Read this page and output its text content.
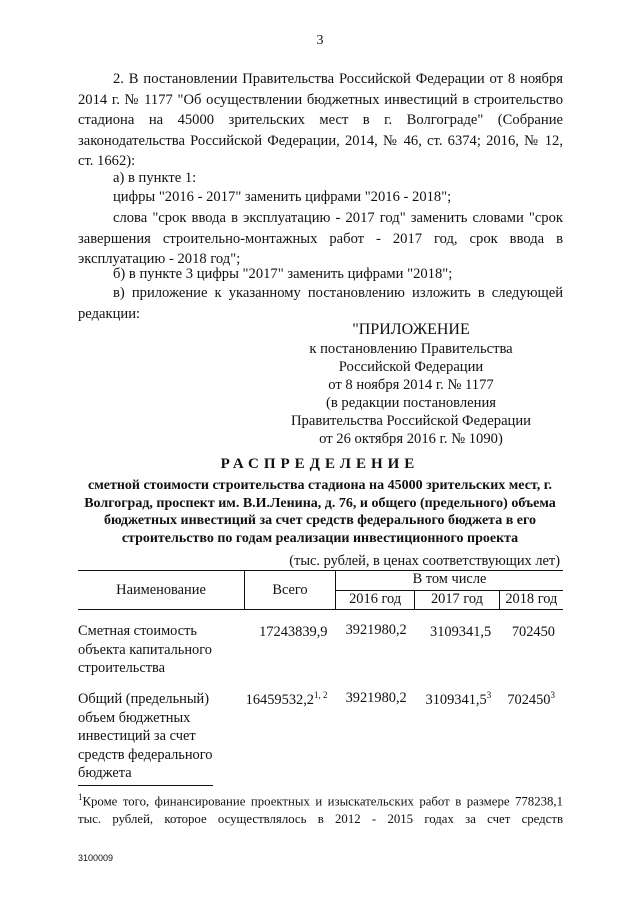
3
2. В постановлении Правительства Российской Федерации от 8 ноября 2014 г. № 1177 "Об осуществлении бюджетных инвестиций в строительство стадиона на 45000 зрительских мест в г. Волгограде" (Собрание законодательства Российской Федерации, 2014, № 46, ст. 6374; 2016, № 12, ст. 1662):
а) в пункте 1:
цифры "2016 - 2017" заменить цифрами "2016 - 2018";
слова "срок ввода в эксплуатацию - 2017 год" заменить словами "срок завершения строительно-монтажных работ - 2017 год, срок ввода в эксплуатацию - 2018 год";
б) в пункте 3 цифры "2017" заменить цифрами "2018";
в) приложение к указанному постановлению изложить в следующей редакции:
"ПРИЛОЖЕНИЕ
к постановлению Правительства
Российской Федерации
от 8 ноября 2014 г. № 1177
(в редакции постановления
Правительства Российской Федерации
от 26 октября 2016 г. № 1090)
РАСПРЕДЕЛЕНИЕ
сметной стоимости строительства стадиона на 45000 зрительских мест, г. Волгоград, проспект им. В.И.Ленина, д. 76, и общего (предельного) объема бюджетных инвестиций за счет средств федерального бюджета в его строительство по годам реализации инвестиционного проекта
(тыс. рублей, в ценах соответствующих лет)
Наименование	Всего	В том числе		
		2016 год	2017 год	2018 год
Сметная стоимость объекта капитального строительства	17243839,9	3921980,2	3109341,5	702450
Общий (предельный) объем бюджетных инвестиций за счет средств федерального бюджета	16459532,2$^{1, 2}$	3921980,2	3109341,5$^3$	702450$^3$
$^1$Кроме того, финансирование проектных и изыскательских работ в размере 778238,1 тыс. рублей, которое осуществлялось в 2012 - 2015 годах за счет средств
3100009
